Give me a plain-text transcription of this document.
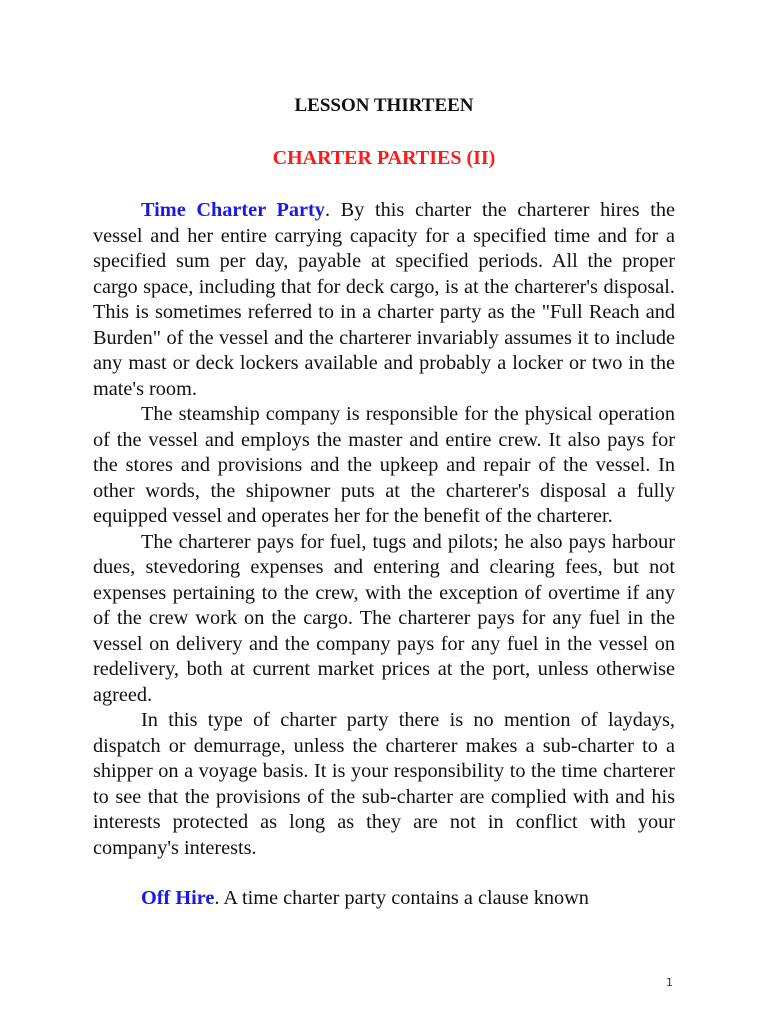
LESSON THIRTEEN
CHARTER PARTIES (II)

Time Charter Party. By this charter the charterer hires the vessel and her entire carrying capacity for a specified time and for a specified sum per day, payable at specified periods. All the proper cargo space, including that for deck cargo, is at the charterer's disposal. This is sometimes referred to in a charter party as the "Full Reach and Burden" of the vessel and the charterer invariably assumes it to include any mast or deck lockers available and probably a locker or two in the mate's room.

The steamship company is responsible for the physical operation of the vessel and employs the master and entire crew. It also pays for the stores and provisions and the upkeep and repair of the vessel. In other words, the shipowner puts at the charterer's disposal a fully equipped vessel and operates her for the benefit of the charterer.

The charterer pays for fuel, tugs and pilots; he also pays harbour dues, stevedoring expenses and entering and clearing fees, but not expenses pertaining to the crew, with the exception of overtime if any of the crew work on the cargo. The charterer pays for any fuel in the vessel on delivery and the company pays for any fuel in the vessel on redelivery, both at current market prices at the port, unless otherwise agreed.

In this type of charter party there is no mention of laydays, dispatch or demurrage, unless the charterer makes a sub-charter to a shipper on a voyage basis. It is your responsibility to the time charterer to see that the provisions of the sub-charter are complied with and his interests protected as long as they are not in conflict with your company's interests.

Off Hire. A time charter party contains a clause known

1
